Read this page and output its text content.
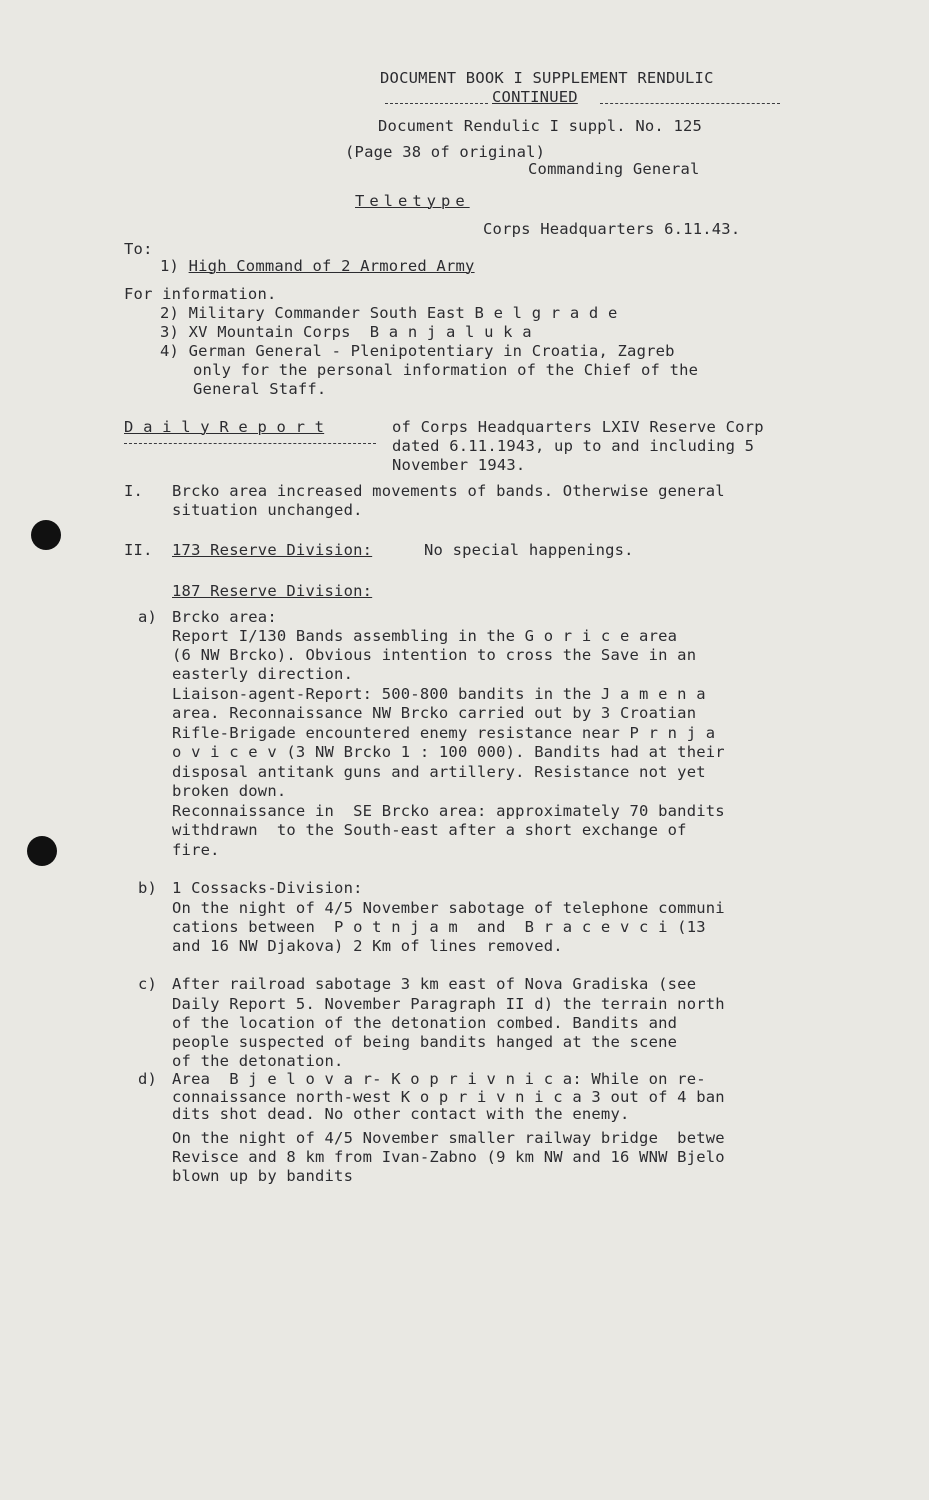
DOCUMENT BOOK I SUPPLEMENT RENDULIC
CONTINUED
Document Rendulic I suppl. No. 125
(Page 38 of original)
Commanding General
Teletype
Corps Headquarters 6.11.43.
To:
1) High Command of 2 Armored Army
For information.
2) Military Commander South East B e l g r a d e
3) XV Mountain Corps  B a n j a l u k a
4) German General - Plenipotentiary in Croatia, Zagreb
only for the personal information of the Chief of the
General Staff.
D a i l y R e p o r t	of Corps Headquarters LXIV Reserve Corp
dated 6.11.1943, up to and including 5
November 1943.
I. Brcko area increased movements of bands. Otherwise general
situation unchanged.
II. 173 Reserve Division:	No special happenings.
187 Reserve Division:
a) Brcko area:
Report I/130 Bands assembling in the G o r i c e area
(6 NW Brcko). Obvious intention to cross the Save in an
easterly direction.
Liaison-agent-Report: 500-800 bandits in the J a m e n a
area. Reconnaissance NW Brcko carried out by 3 Croatian
Rifle-Brigade encountered enemy resistance near P r n j a
o v i c e v (3 NW Brcko 1 : 100 000). Bandits had at their
disposal antitank guns and artillery. Resistance not yet
broken down.
Reconnaissance in  SE Brcko area: approximately 70 bandits
withdrawn  to the South-east after a short exchange of
fire.
b) 1 Cossacks-Division:
On the night of 4/5 November sabotage of telephone communi
cations between  P o t n j a m  and  B r a c e v c i (13
and 16 NW Djakova) 2 Km of lines removed.
c) After railroad sabotage 3 km east of Nova Gradiska (see
Daily Report 5. November Paragraph II d) the terrain north
of the location of the detonation combed. Bandits and
people suspected of being bandits hanged at the scene
of the detonation.
d) Area  B j e l o v a r- K o p r i v n i c a: While on re-
connaissance north-west K o p r i v n i c a 3 out of 4 ban
dits shot dead. No other contact with the enemy.
On the night of 4/5 November smaller railway bridge  betwe
Revisce and 8 km from Ivan-Zabno (9 km NW and 16 WNW Bjelo
blown up by bandits
